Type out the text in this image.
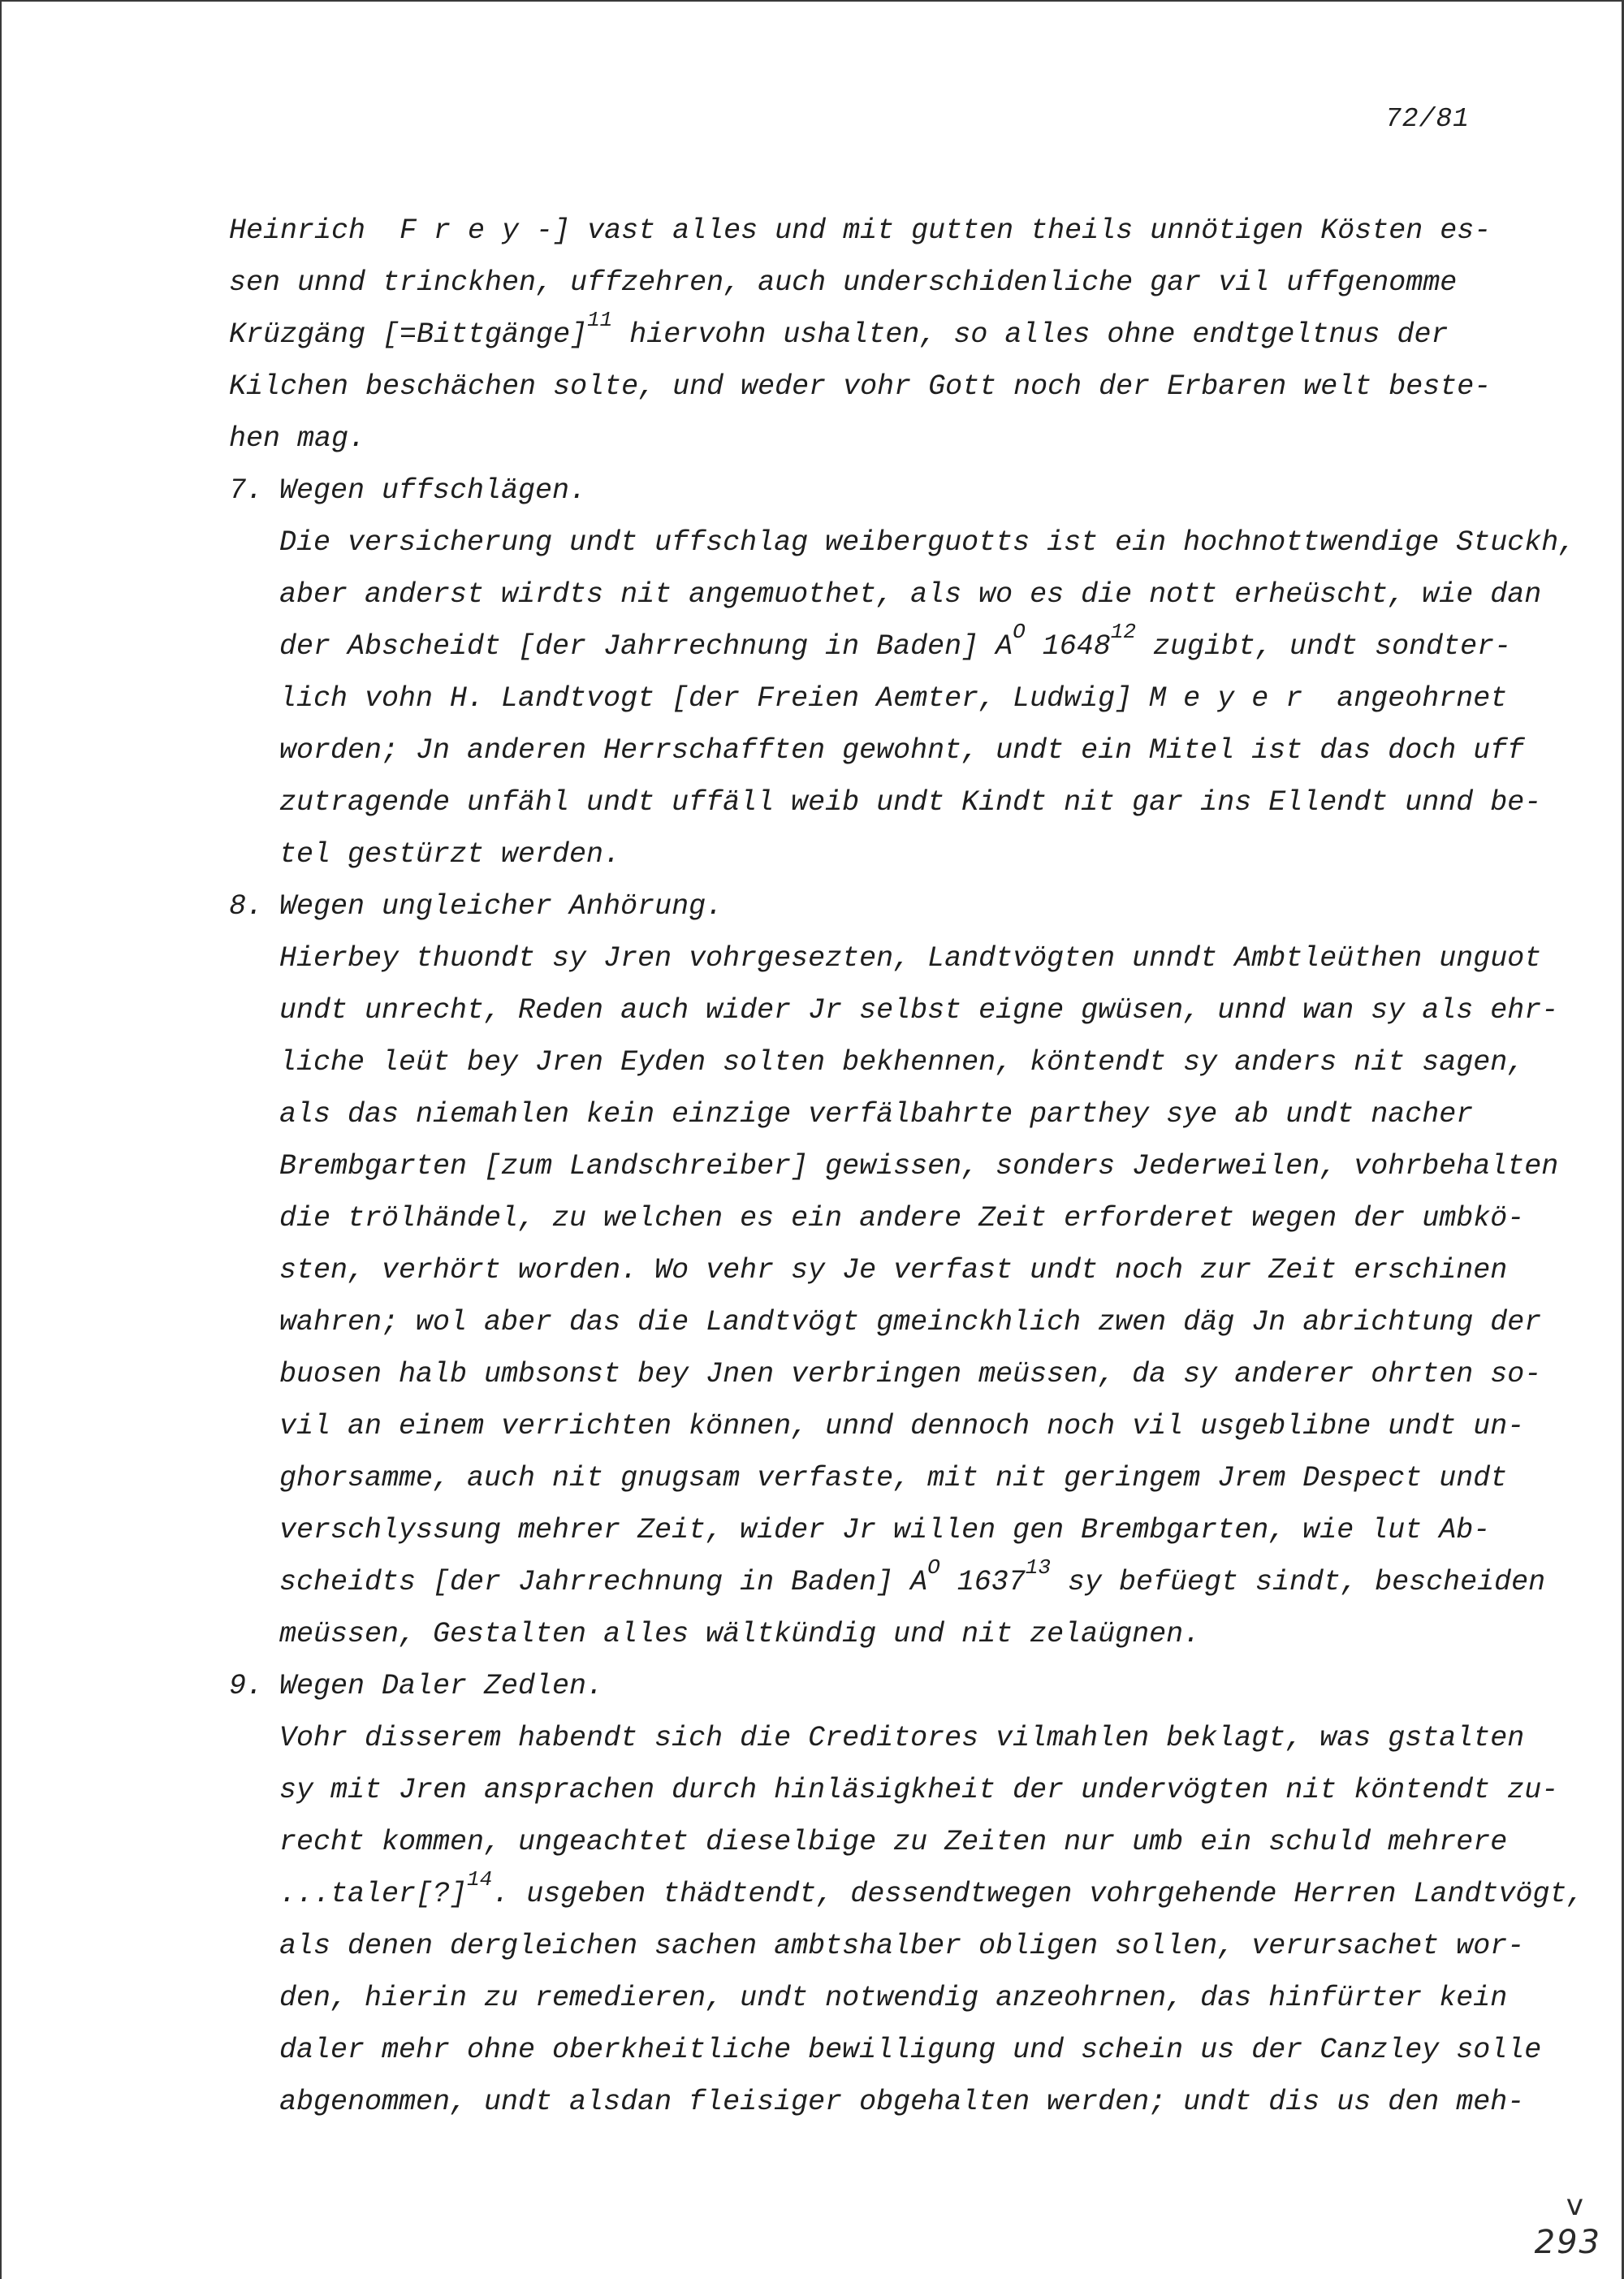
72/81
Heinrich  F r e y -] vast alles und mit gutten theils unnötigen Kösten es-
sen unnd trinckhen, uffzehren, auch underschidenliche gar vil uffgenomme
Krüzgäng [=Bittgänge]$^{11}$ hiervohn ushalten, so alles ohne endtgeltnus der
Kilchen beschächen solte, und weder vohr Gott noch der Erbaren welt beste-
hen mag.
7. Wegen uffschlägen.
Die versicherung undt uffschlag weiberguotts ist ein hochnottwendige Stuckh,
aber anderst wirdts nit angemuothet, als wo es die nott erheüscht, wie dan
der Abscheidt [der Jahrrechnung in Baden] $A^O$ 1648$^{12}$ zugibt, undt sondter-
lich vohn H. Landtvogt [der Freien Aemter, Ludwig] M e y e r  angeohrnet
worden; Jn anderen Herrschafften gewohnt, undt ein Mitel ist das doch uff
zutragende unfähl undt uffäll weib undt Kindt nit gar ins Ellendt unnd be-
tel gestürzt werden.
8. Wegen ungleicher Anhörung.
Hierbey thuondt sy Jren vohrgesezten, Landtvögten unndt Ambtleüthen unguot
undt unrecht, Reden auch wider Jr selbst eigne gwüsen, unnd wan sy als ehr-
liche leüt bey Jren Eyden solten bekhennen, köntendt sy anders nit sagen,
als das niemahlen kein einzige verfälbahrte parthey sye ab undt nacher
Brembgarten [zum Landschreiber] gewissen, sonders Jederweilen, vohrbehalten
die trölhändel, zu welchen es ein andere Zeit erforderet wegen der umbkö-
sten, verhört worden. Wo vehr sy Je verfast undt noch zur Zeit erschinen
wahren; wol aber das die Landtvögt gmeinckhlich zwen däg Jn abrichtung der
buosen halb umbsonst bey Jnen verbringen meüssen, da sy anderer ohrten so-
vil an einem verrichten können, unnd dennoch noch vil usgeblibne undt un-
ghorsamme, auch nit gnugsam verfaste, mit nit geringem Jrem Despect undt
verschlyssung mehrer Zeit, wider Jr willen gen Brembgarten, wie lut Ab-
scheidts [der Jahrrechnung in Baden] $A^O$ 1637$^{13}$ sy befüegt sindt, bescheiden
meüssen, Gestalten alles wältkündig und nit zelaügnen.
9. Wegen Daler Zedlen.
Vohr disserem habendt sich die Creditores vilmahlen beklagt, was gstalten
sy mit Jren ansprachen durch hinläsigkheit der undervögten nit köntendt zu-
recht kommen, ungeachtet dieselbige zu Zeiten nur umb ein schuld mehrere
...taler[?]$^{14}$. usgeben thädtendt, dessendtwegen vohrgehende Herren Landtvögt,
als denen dergleichen sachen ambtshalber obligen sollen, verursachet wor-
den, hierin zu remedieren, undt notwendig anzeohrnen, das hinfürter kein
daler mehr ohne oberkheitliche bewilligung und schein us der Canzley solle
abgenommen, undt alsdan fleisiger obgehalten werden; undt dis us den meh-
v
293
